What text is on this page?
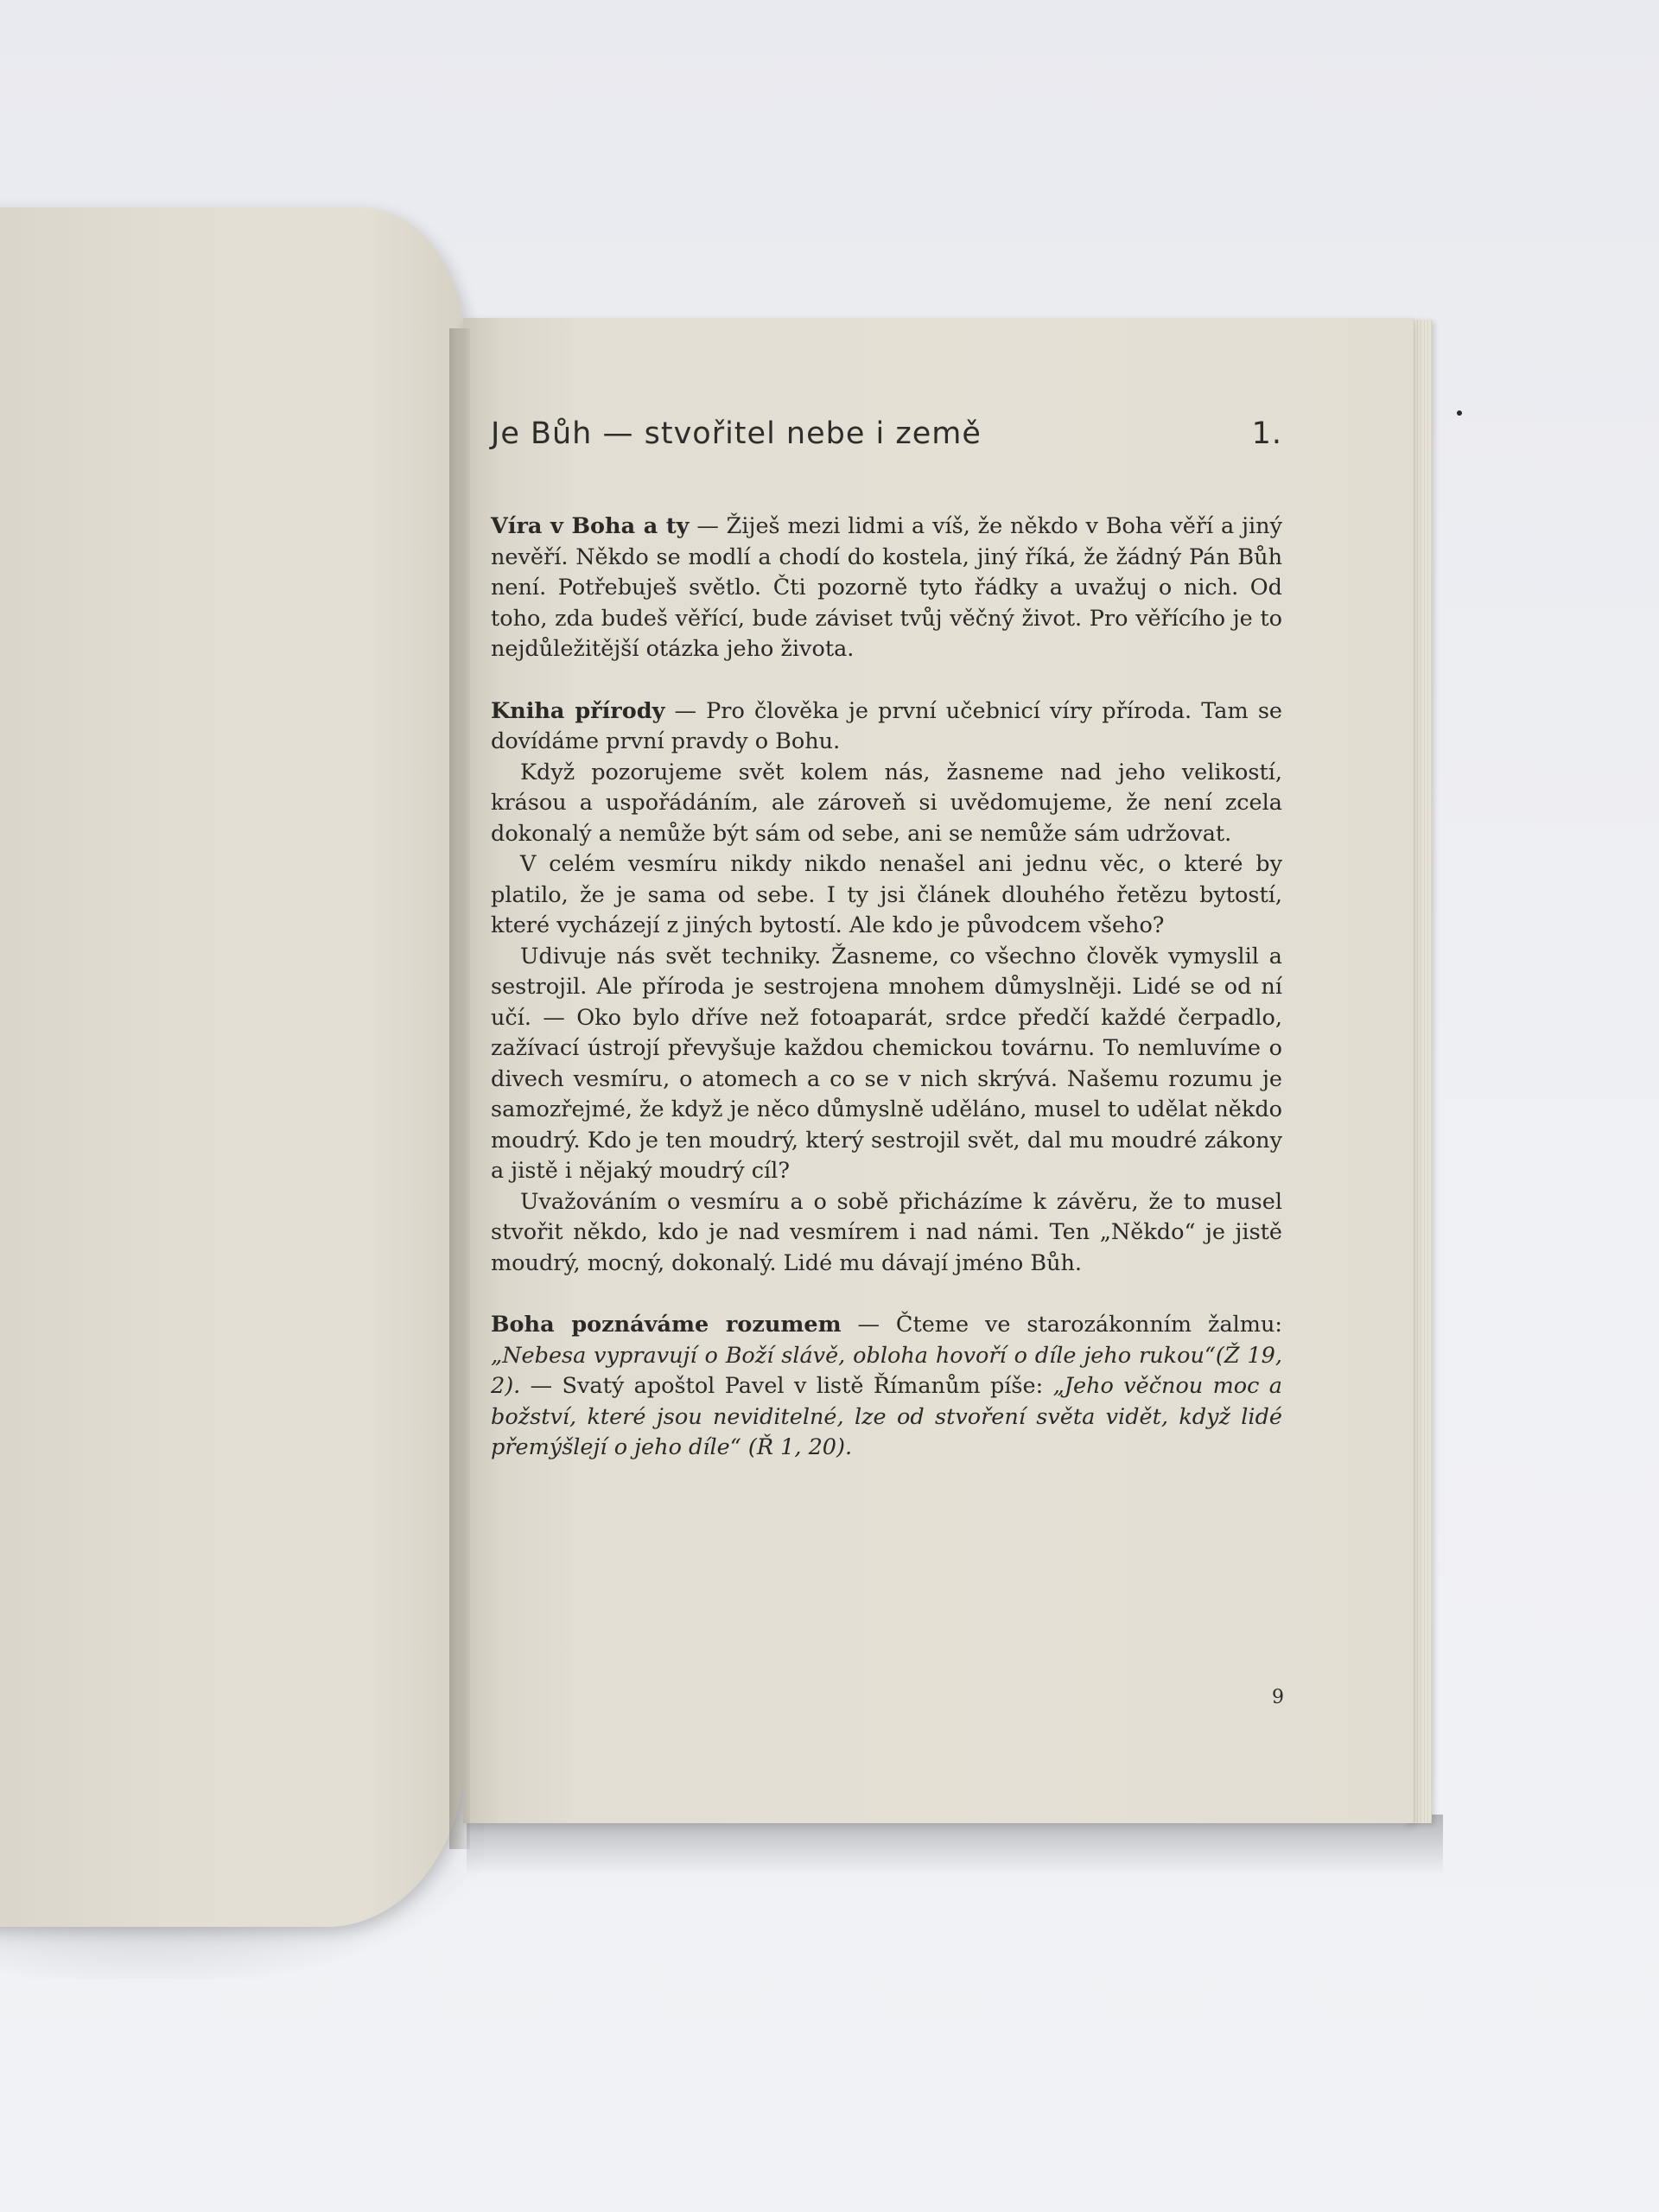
Je Bůh — stvořitel nebe i země	1.

Víra v Boha a ty — Žiješ mezi lidmi a víš, že někdo v Boha věří a jiný nevěří. Někdo se modlí a chodí do kostela, jiný říká, že žádný Pán Bůh není. Potřebuješ světlo. Čti pozorně tyto řádky a uvažuj o nich. Od toho, zda budeš věřící, bude záviset tvůj věčný život. Pro věřícího je to nejdůležitější otázka jeho života.

Kniha přírody — Pro člověka je první učebnicí víry příroda. Tam se dovídáme první pravdy o Bohu.

Když pozorujeme svět kolem nás, žasneme nad jeho velikostí, krásou a uspořádáním, ale zároveň si uvědomujeme, že není zcela dokonalý a nemůže být sám od sebe, ani se nemůže sám udržovat.

V celém vesmíru nikdy nikdo nenašel ani jednu věc, o které by platilo, že je sama od sebe. I ty jsi článek dlouhého řetězu bytostí, které vycházejí z jiných bytostí. Ale kdo je původcem všeho?

Udivuje nás svět techniky. Žasneme, co všechno člověk vymyslil a sestrojil. Ale příroda je sestrojena mnohem důmyslněji. Lidé se od ní učí. — Oko bylo dříve než fotoaparát, srdce předčí každé čerpadlo, zažívací ústrojí převyšuje každou chemickou továrnu. To nemluvíme o divech vesmíru, o atomech a co se v nich skrývá. Našemu rozumu je samozřejmé, že když je něco důmyslně uděláno, musel to udělat někdo moudrý. Kdo je ten moudrý, který sestrojil svět, dal mu moudré zákony a jistě i nějaký moudrý cíl?

Uvažováním o vesmíru a o sobě přicházíme k závěru, že to musel stvořit někdo, kdo je nad vesmírem i nad námi. Ten „Někdo“ je jistě moudrý, mocný, dokonalý. Lidé mu dávají jméno Bůh.

Boha poznáváme rozumem — Čteme ve starozákonním žalmu: „Nebesa vypravují o Boží slávě, obloha hovoří o díle jeho rukou“(Ž 19, 2). — Svatý apoštol Pavel v listě Římanům píše: „Jeho věčnou moc a božství, které jsou neviditelné, lze od stvoření světa vidět, když lidé přemýšlejí o jeho díle“ (Ř 1, 20).

9
